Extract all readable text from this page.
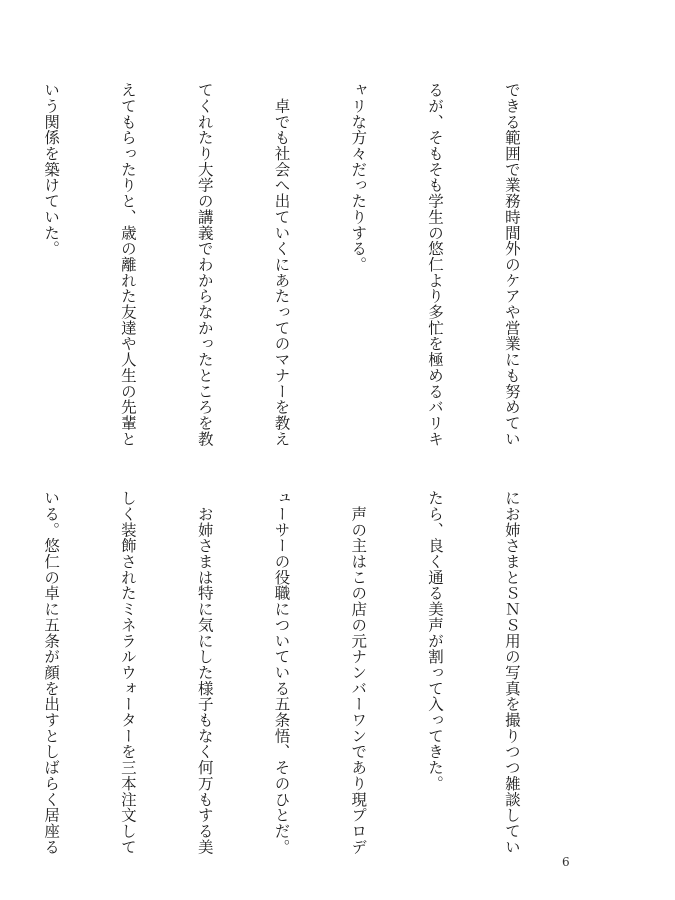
できる範囲で業務時間外のケアや営業にも努めてい

るが、そもそも学生の悠仁より多忙を極めるバリキ

ャリな方々だったりする。

　卓でも社会へ出ていくにあたってのマナーを教え

てくれたり大学の講義でわからなかったところを教

えてもらったりと、歳の離れた友達や人生の先輩と

いう関係を築けていた。

にお姉さまとＳＮＳ用の写真を撮りつつ雑談してい

たら、良く通る美声が割って入ってきた。

　声の主はこの店の元ナンバーワンであり現プロデ

ューサーの役職についている五条悟、そのひとだ。

　お姉さまは特に気にした様子もなく何万もする美

しく装飾されたミネラルウォーターを三本注文して

いる。悠仁の卓に五条が顔を出すとしばらく居座る

6
